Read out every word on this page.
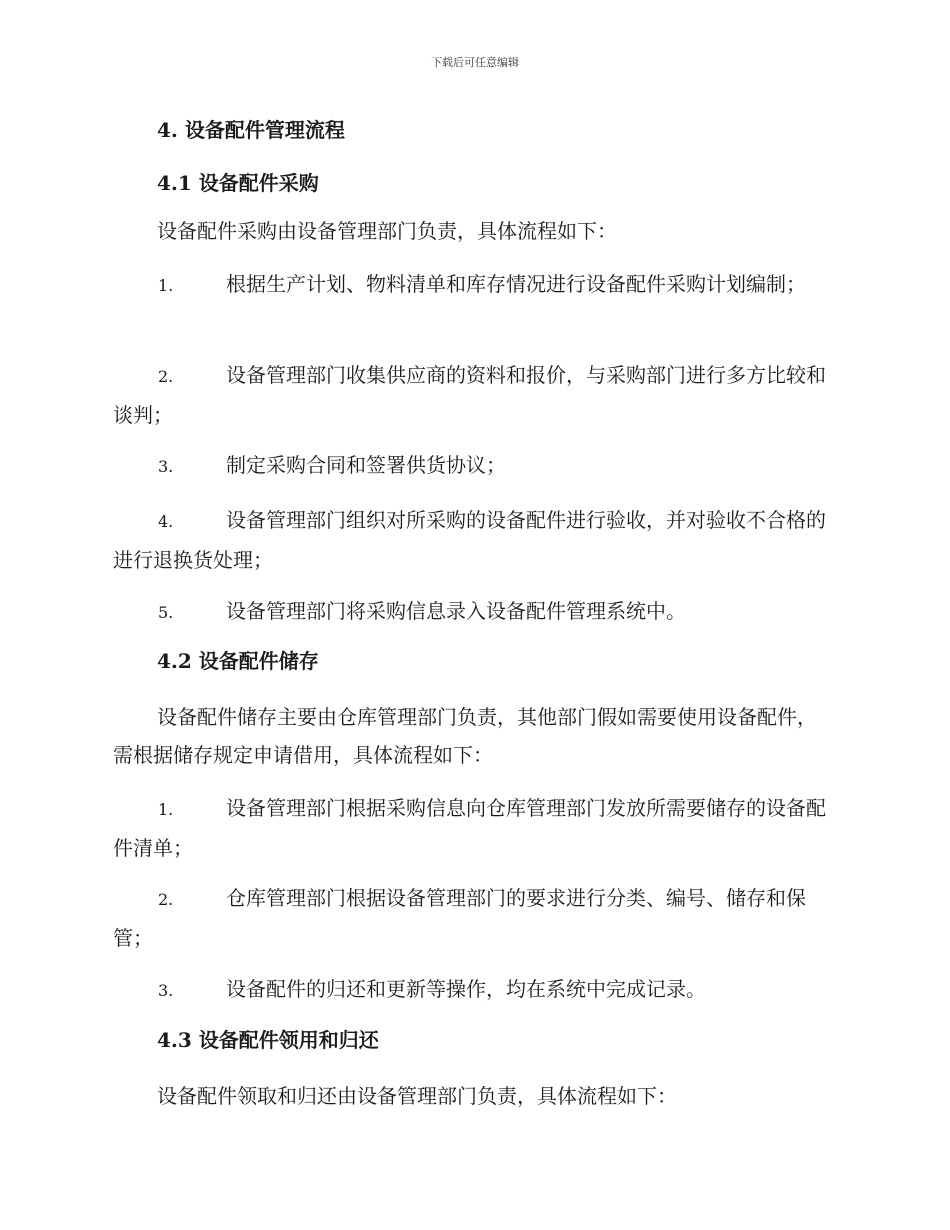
下载后可任意编辑
4. 设备配件管理流程
4.1 设备配件采购
设备配件采购由设备管理部门负责，具体流程如下：
1.	根据生产计划、物料清单和库存情况进行设备配件采购计划编制；
2.	设备管理部门收集供应商的资料和报价，与采购部门进行多方比较和谈判；
3.	制定采购合同和签署供货协议；
4.	设备管理部门组织对所采购的设备配件进行验收，并对验收不合格的进行退换货处理；
5.	设备管理部门将采购信息录入设备配件管理系统中。
4.2 设备配件储存
设备配件储存主要由仓库管理部门负责，其他部门假如需要使用设备配件，需根据储存规定申请借用，具体流程如下：
1.	设备管理部门根据采购信息向仓库管理部门发放所需要储存的设备配件清单；
2.	仓库管理部门根据设备管理部门的要求进行分类、编号、储存和保管；
3.	设备配件的归还和更新等操作，均在系统中完成记录。
4.3 设备配件领用和归还
设备配件领取和归还由设备管理部门负责，具体流程如下：
